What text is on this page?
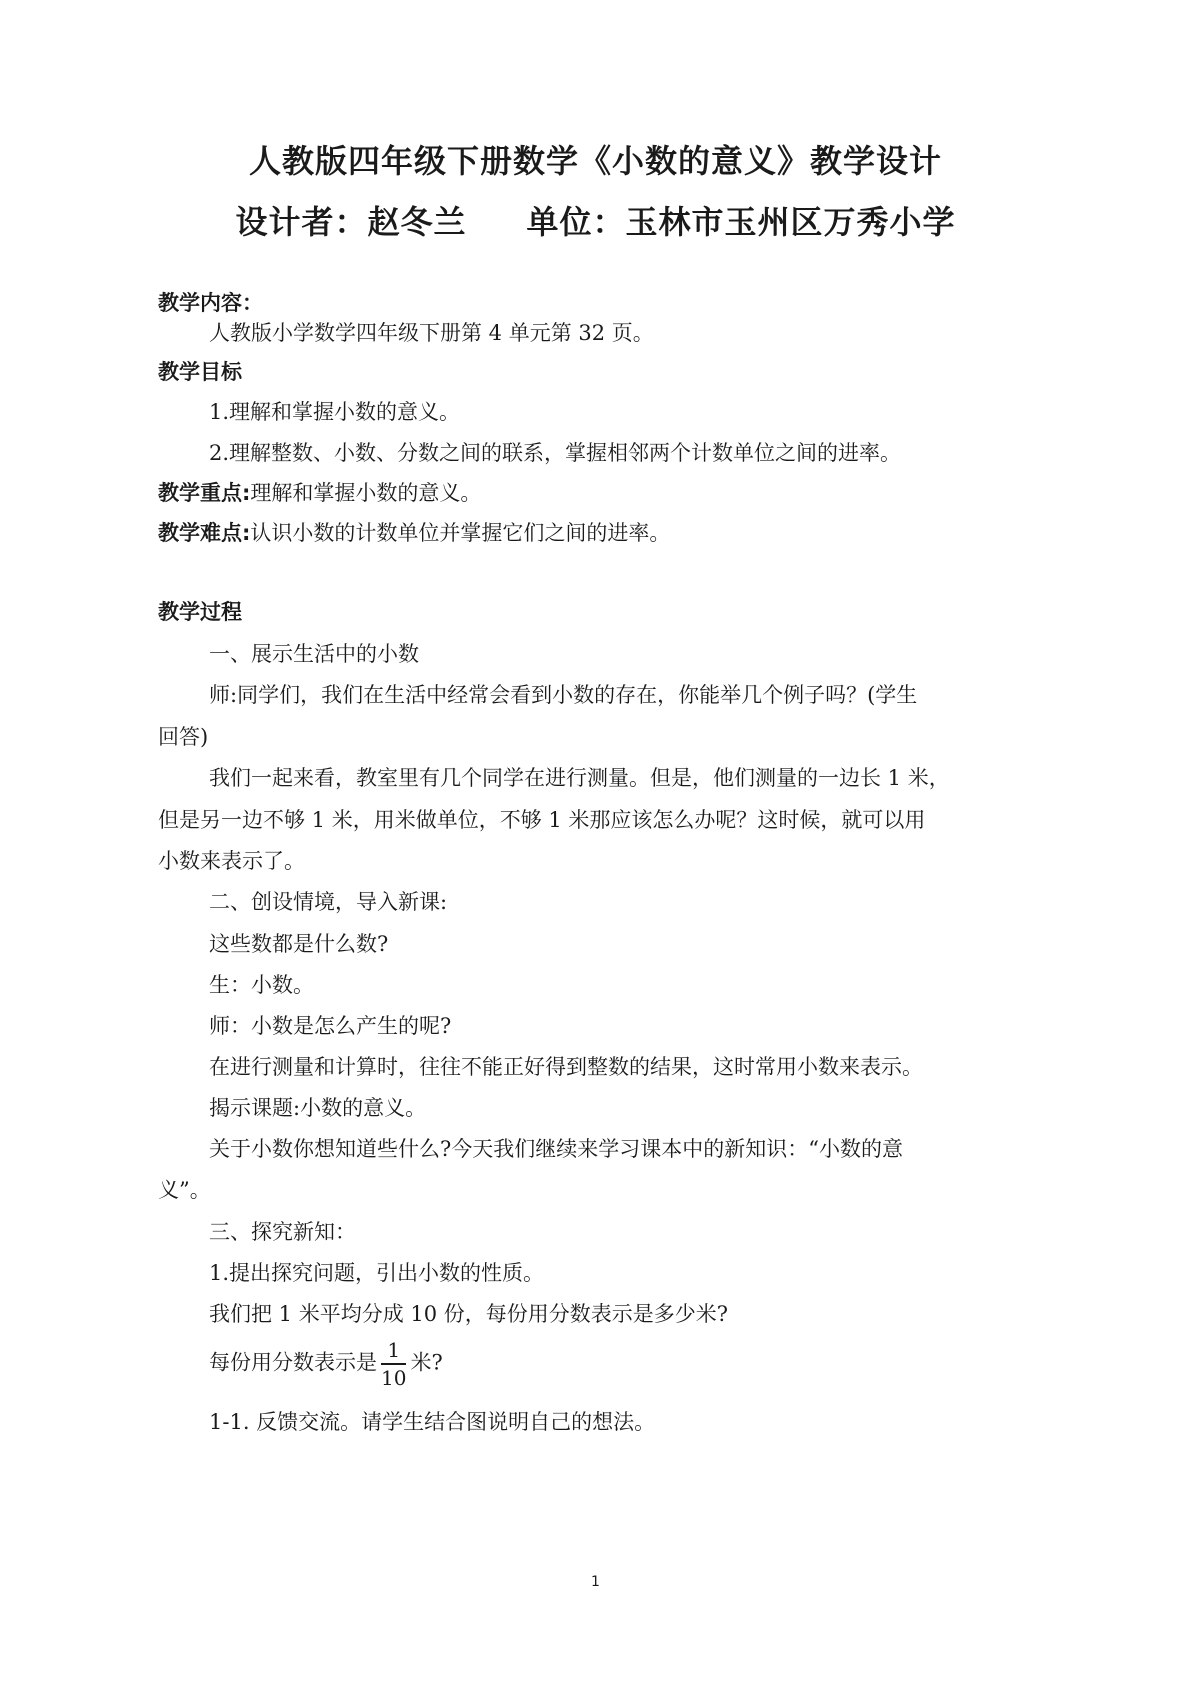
人教版四年级下册数学《小数的意义》教学设计
设计者：赵冬兰 单位：玉林市玉州区万秀小学
教学内容：
人教版小学数学四年级下册第 4 单元第 32 页。
教学目标
1.理解和掌握小数的意义。
2.理解整数、小数、分数之间的联系，掌握相邻两个计数单位之间的进率。
教学重点:理解和掌握小数的意义。
教学难点:认识小数的计数单位并掌握它们之间的进率。
教学过程
一、展示生活中的小数
师:同学们，我们在生活中经常会看到小数的存在，你能举几个例子吗？(学生
回答)
我们一起来看，教室里有几个同学在进行测量。但是，他们测量的一边长 1 米，
但是另一边不够 1 米，用米做单位，不够 1 米那应该怎么办呢？这时候，就可以用
小数来表示了。
二、创设情境，导入新课:
这些数都是什么数?
生：小数。
师：小数是怎么产生的呢?
在进行测量和计算时，往往不能正好得到整数的结果，这时常用小数来表示。
揭示课题:小数的意义。
关于小数你想知道些什么?今天我们继续来学习课本中的新知识：“小数的意
义”。
三、探究新知：
1.提出探究问题，引出小数的性质。
我们把 1 米平均分成 10 份，每份用分数表示是多少米?
每份用分数表示是 $\frac{1}{10}$ 米?
1-1. 反馈交流。请学生结合图说明自己的想法。
1
